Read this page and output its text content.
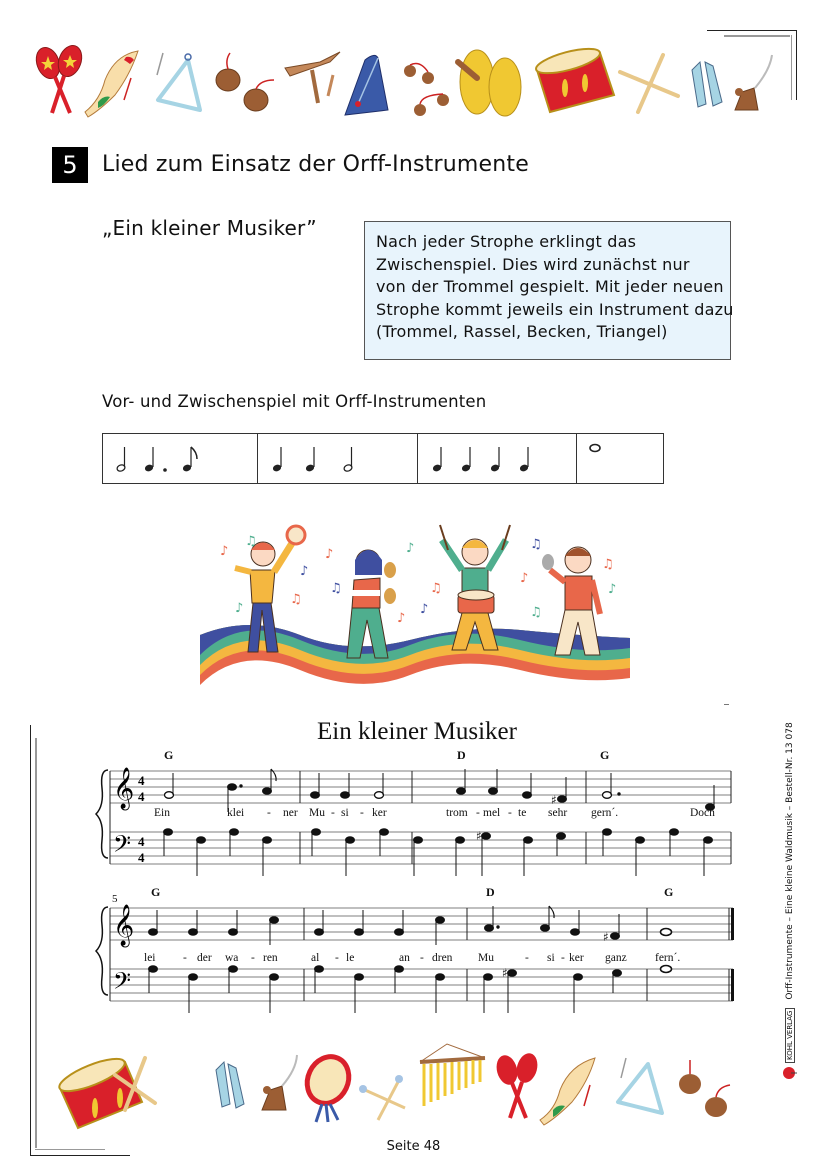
5	Lied zum Einsatz der Orff-Instrumente
„Ein kleiner Musiker”
Nach jeder Strophe erklingt das
Zwischenspiel. Dies wird zunächst nur
von der Trommel gespielt. Mit jeder neuen
Strophe kommt jeweils ein Instrument dazu
(Trommel, Rassel, Becken, Triangel)
Vor- und Zwischenspiel mit Orff-Instrumenten
♪
♫
♪
♫
♪
♫
♪
♫
♪
♪
♫
♪
♫
♪
♫
♪
Ein kleiner Musiker
𝄞
𝄢
4
4
4
4
♯
♯
G	D	G
Ein	klei - ner Mu - si - ker	trom - mel - te sehr gern´.	Doch
𝄞
𝄢
♯
♯
5	G	D	G
lei - der wa - ren	al - le	an - dren Mu	- si - ker ganz fern´.
KOHL VERLAG
Orff-Instrumente – Eine kleine Waldmusik – Bestell-Nr. 13 078
Seite 48
